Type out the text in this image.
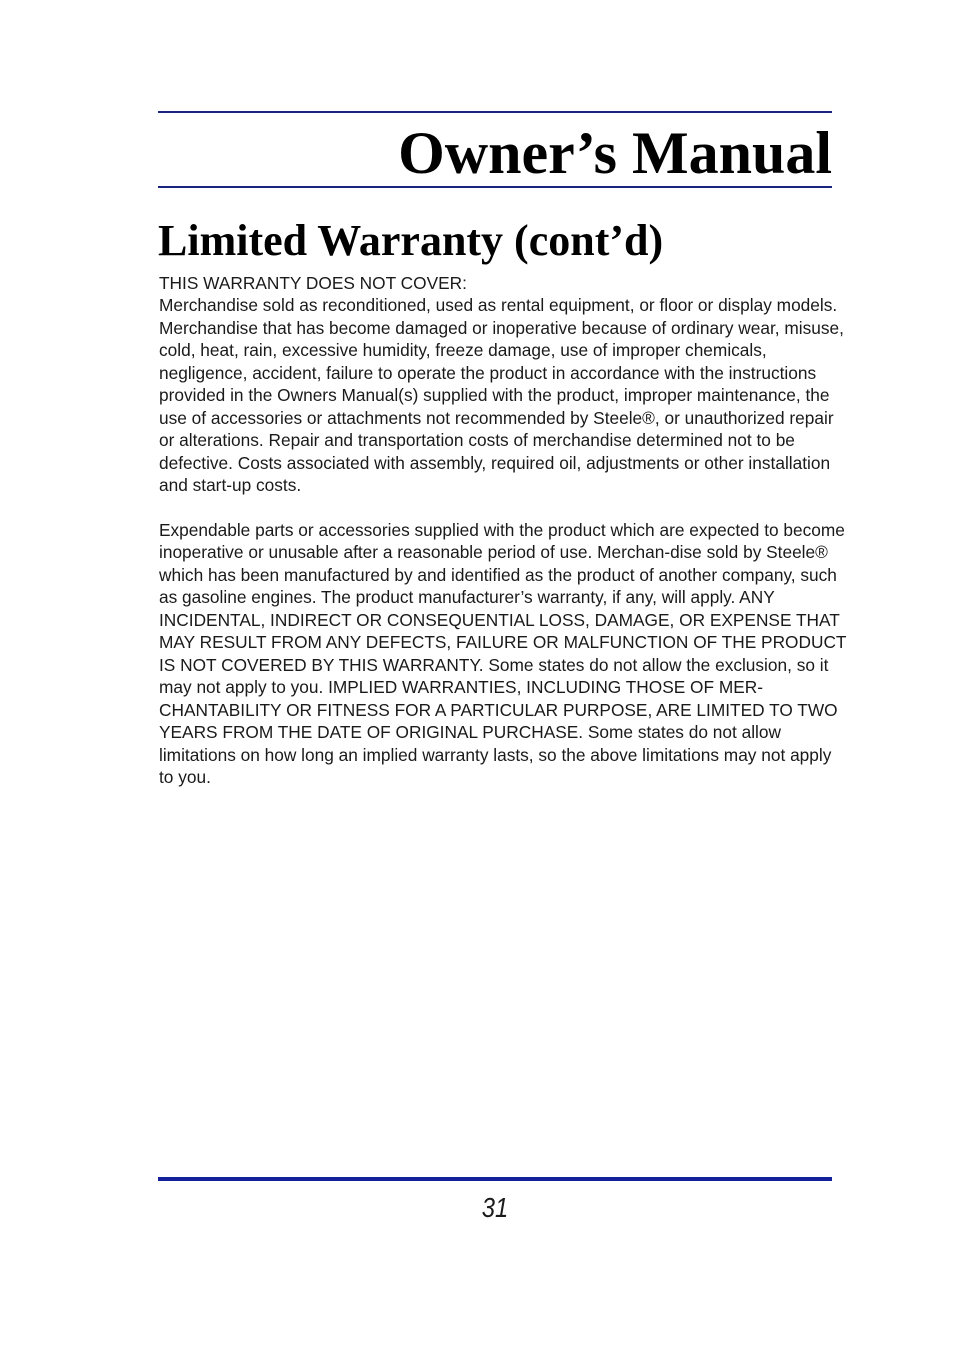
Owner’s Manual
Limited Warranty (cont’d)

THIS WARRANTY DOES NOT COVER:

Merchandise sold as reconditioned, used as rental equipment, or floor or display models.

Merchandise that has become damaged or inoperative because of ordinary wear, misuse, cold, heat, rain, excessive humidity, freeze damage, use of improper chemicals, negligence, accident, failure to operate the product in accordance with the instructions provided in the Owners Manual(s) supplied with the product, improper maintenance, the use of accessories or attachments not recommended by Steele®, or unauthorized repair or alterations. Repair and transportation costs of merchandise determined not to be defective. Costs associated with assembly, required oil, adjustments or other installation and start-up costs.

Expendable parts or accessories supplied with the product which are expected to become inoperative or unusable after a reasonable period of use. Merchan-dise sold by Steele® which has been manufactured by and identified as the product of another company, such as gasoline engines. The product manufacturer’s warranty, if any, will apply. ANY INCIDENTAL, INDIRECT OR CONSEQUENTIAL LOSS, DAMAGE, OR EXPENSE THAT MAY RESULT FROM ANY DEFECTS, FAILURE OR MALFUNCTION OF THE PRODUCT IS NOT COVERED BY THIS WARRANTY. Some states do not allow the exclusion, so it may not apply to you. IMPLIED WARRANTIES, INCLUDING THOSE OF MER-CHANTABILITY OR FITNESS FOR A PARTICULAR PURPOSE, ARE LIMITED TO TWO YEARS FROM THE DATE OF ORIGINAL PURCHASE. Some states do not allow limitations on how long an implied warranty lasts, so the above limitations may not apply to you.

31
